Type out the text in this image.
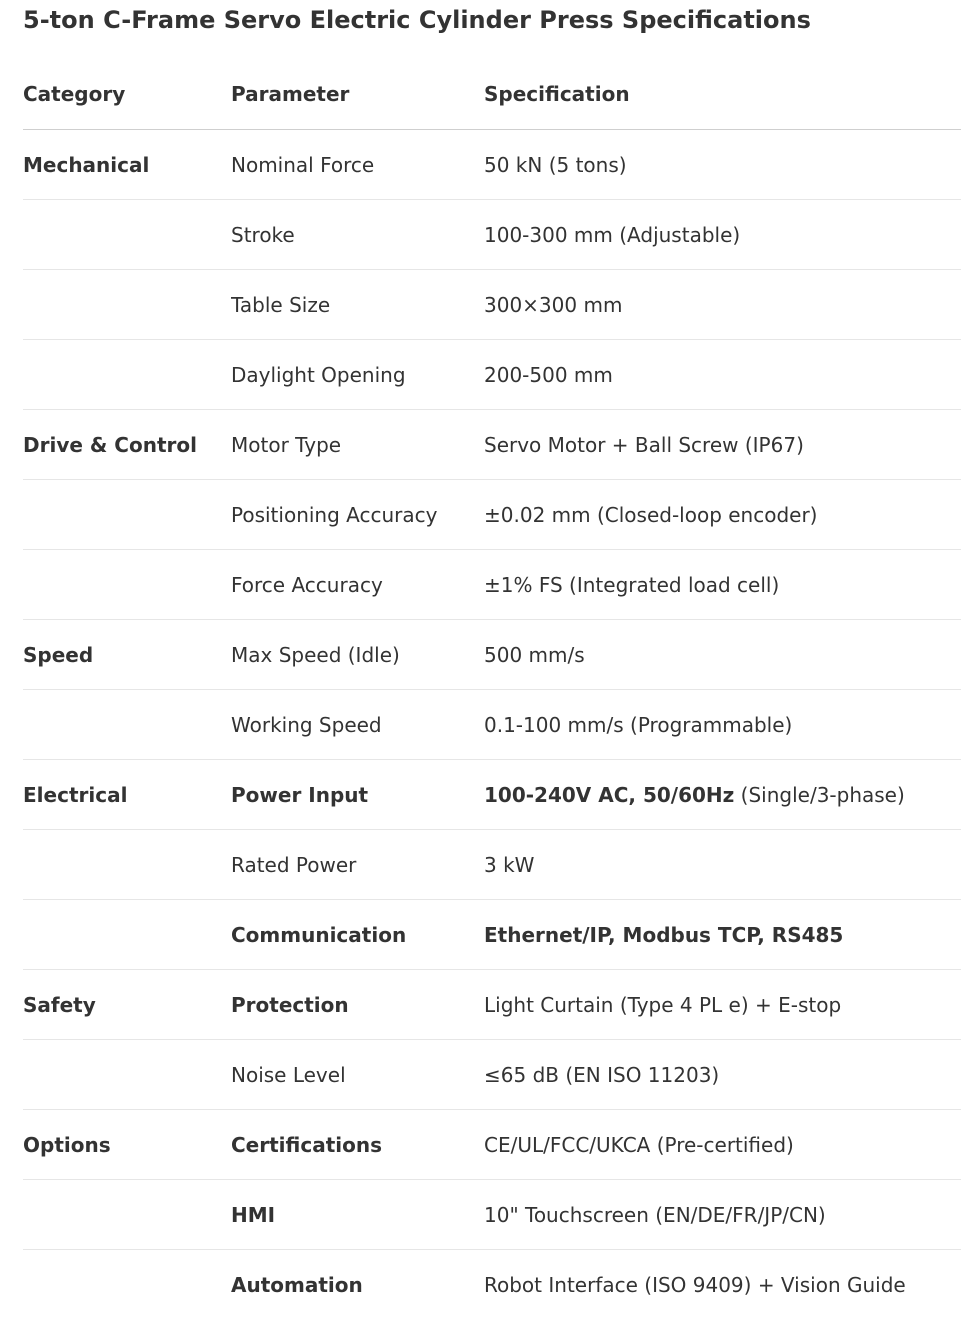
5-ton C-Frame Servo Electric Cylinder Press Specifications
Category	Parameter	Specification
Mechanical	Nominal Force	50 kN (5 tons)
	Stroke	100-300 mm (Adjustable)
	Table Size	300×300 mm
	Daylight Opening	200-500 mm
Drive & Control	Motor Type	Servo Motor + Ball Screw (IP67)
	Positioning Accuracy	±0.02 mm (Closed-loop encoder)
	Force Accuracy	±1% FS (Integrated load cell)
Speed	Max Speed (Idle)	500 mm/s
	Working Speed	0.1-100 mm/s (Programmable)
Electrical	Power Input	100-240V AC, 50/60Hz (Single/3-phase)
	Rated Power	3 kW
	Communication	Ethernet/IP, Modbus TCP, RS485
Safety	Protection	Light Curtain (Type 4 PL e) + E-stop
	Noise Level	≤65 dB (EN ISO 11203)
Options	Certifications	CE/UL/FCC/UKCA (Pre-certified)
	HMI	10" Touchscreen (EN/DE/FR/JP/CN)
	Automation	Robot Interface (ISO 9409) + Vision Guide
